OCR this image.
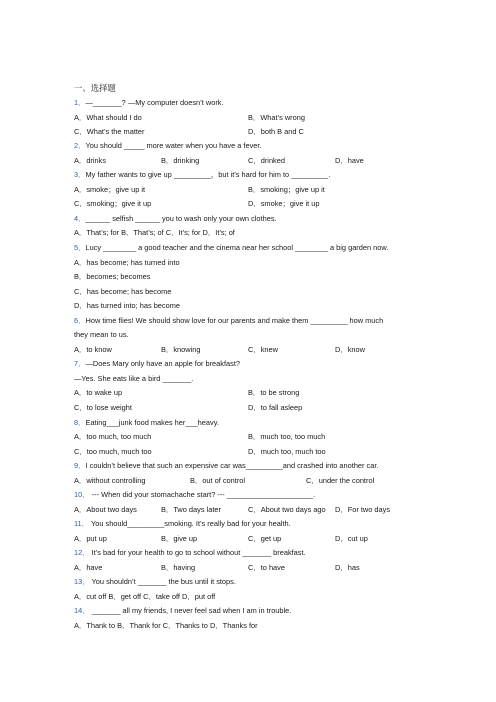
一、选择题
1．—_______? —My computer doesn’t work.
A．What should I do	B．What’s wrong
C．What’s the matter	D．both B and C
2．You should _____ more water when you have a fever.
A．drinks	B．drinking	C．drinked	D．have
3．My father wants to give up _________，but it’s hard for him to _________.
A．smoke；give up it	B．smoking；give up it
C．smoking；give it up	D．smoke；give it up
4．______ selfish ______ you to wash only your own clothes.
A．That’s; for B．That’s; of C．It’s; for D．It’s; of
5．Lucy ________ a good teacher and the cinema near her school ________ a big garden now.
A．has become; has turned into
B．becomes; becomes
C．has become; has become
D．has turned into; has become
6．How time flies! We should show love for our parents and make them _________ how much
they mean to us.
A．to know	B．knowing	C．knew	D．know
7．—Does Mary only have an apple for breakfast?
—Yes. She eats like a bird _______.
A．to wake up	B．to be strong
C．to lose weight	D．to fall asleep
8．Eating___junk food makes her___heavy.
A．too much, too much	B．much too, too much
C．too much, much too	D．much too, much too
9．I couldn’t believe that such an expensive car was_________and crashed into another car.
A．without controlling	B．out of control	C．under the control
10． --- When did your stomachache start? --- _____________________.
A．About two days	B．Two days later	C．About two days ago D．For two days
11． You should_________smoking. It’s really bad for your health.
A．put up	B．give up	C．get up	D．cut up
12． It’s bad for your health to go to school without _______ breakfast.
A．have	B．having	C．to have	D．has
13． You shouldn’t _______ the bus until it stops.
A．cut off B．get off C．take off D．put off
14． _______ all my friends, I never feel sad when I am in trouble.
A．Thank to B．Thank for C．Thanks to D．Thanks for
